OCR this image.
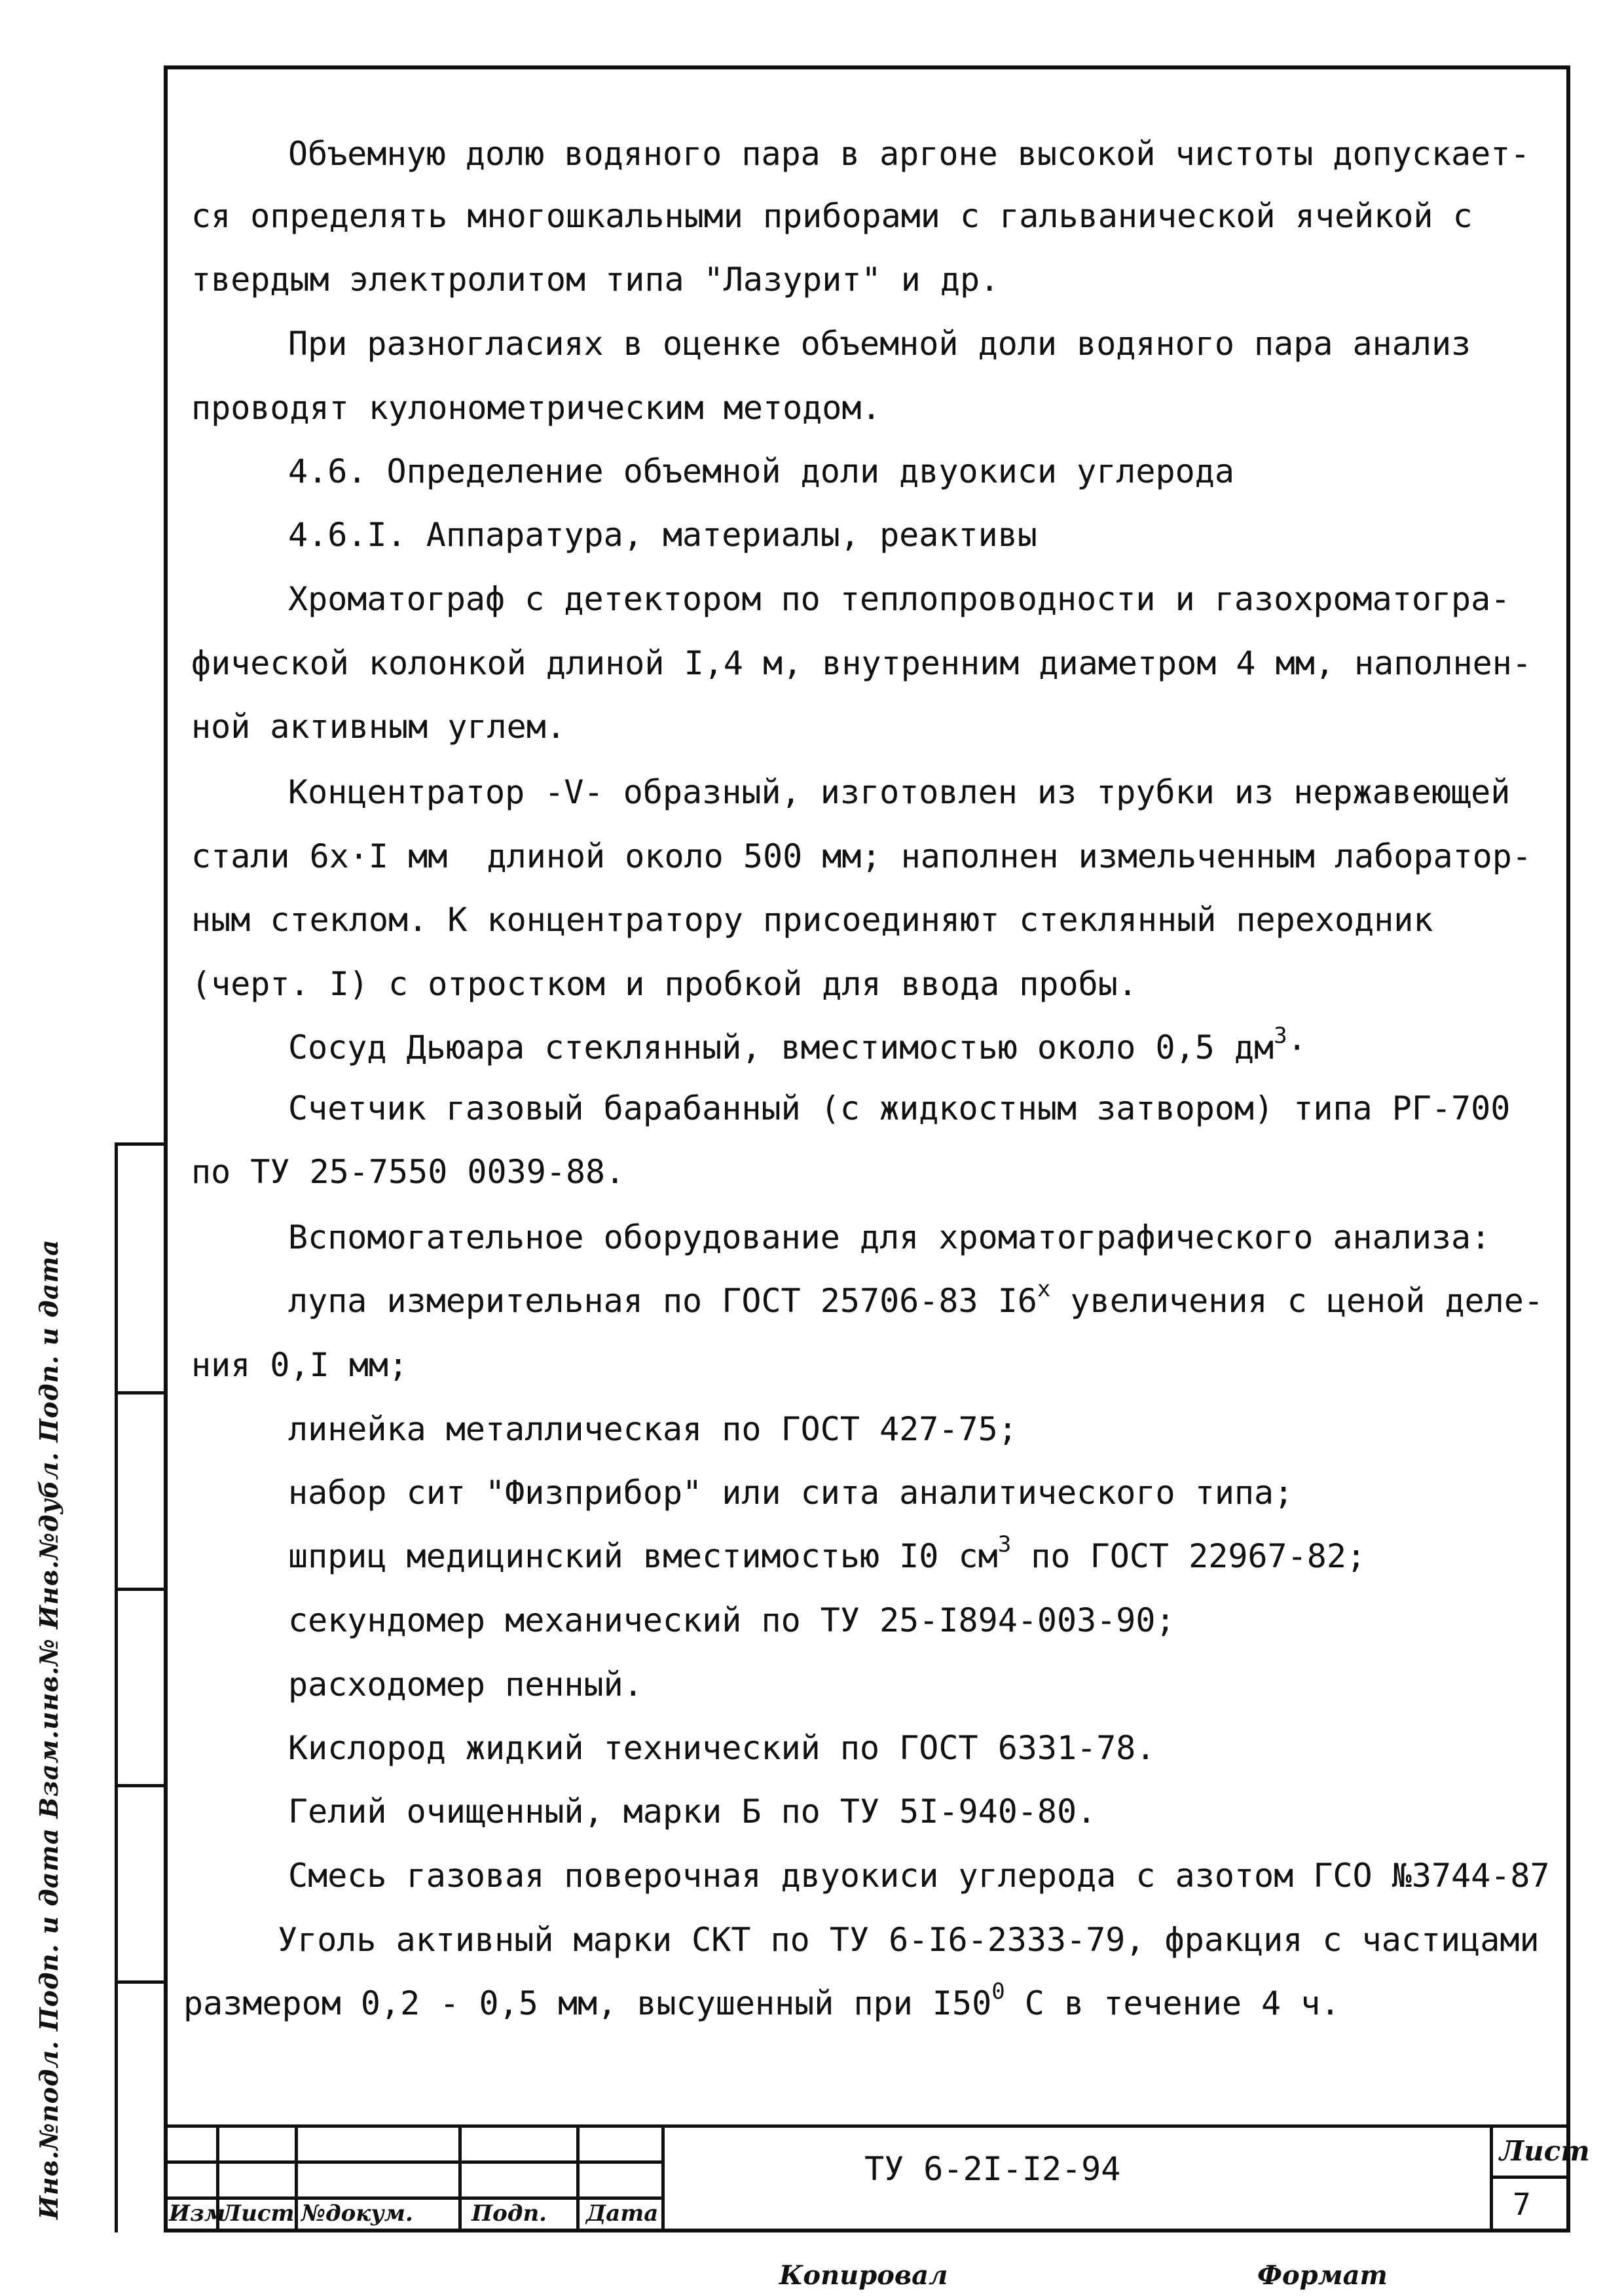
Объемную долю водяного пара в аргоне высокой чистоты допускает-
ся определять многошкальными приборами с гальванической ячейкой с
твердым электролитом типа "Лазурит" и др.
При разногласиях в оценке объемной доли водяного пара анализ
проводят кулонометрическим методом.
4.6. Определение объемной доли двуокиси углерода
4.6.I. Аппаратура, материалы, реактивы
Хроматограф с детектором по теплопроводности и газохроматогра-
фической колонкой длиной I,4 м, внутренним диаметром 4 мм, наполнен-
ной активным углем.
Концентратор -V- образный, изготовлен из трубки из нержавеющей
стали 6х·I мм  длиной около 500 мм; наполнен измельченным лаборатор-
ным стеклом. К концентратору присоединяют стеклянный переходник
(черт. I) с отростком и пробкой для ввода пробы.
Сосуд Дьюара стеклянный, вместимостью около 0,5 $дм^3\cdot$
Счетчик газовый барабанный (с жидкостным затвором) типа РГ-700
по ТУ 25-7550 0039-88.
Вспомогательное оборудование для хроматографического анализа:
лупа измерительная по ГОСТ 25706-83 I6$^x$ увеличения с ценой деле-
ния 0,I мм;
линейка металлическая по ГОСТ 427-75;
набор сит "Физприбор" или сита аналитического типа;
шприц медицинский вместимостью I0 $см^3$ по ГОСТ 22967-82;
секундомер механический по ТУ 25-I894-003-90;
расходомер пенный.
Кислород жидкий технический по ГОСТ 6331-78.
Гелий очищенный, марки Б по ТУ 5I-940-80.
Смесь газовая поверочная двуокиси углерода с азотом ГСО №3744-87
Уголь активный марки СКТ по ТУ 6-I6-2333-79, фракция с частицами
размером 0,2 - 0,5 мм, высушенный при $I50^0$ С в течение 4 ч.
Изм
Лист №докум.	Подп. Дата
Лист
ТУ 6-2I-I2-94
7
Копировал	Формат
Инв.№подл. Подп. и дата Взам.инв.№ Инв.№дубл. Подп. и дата
